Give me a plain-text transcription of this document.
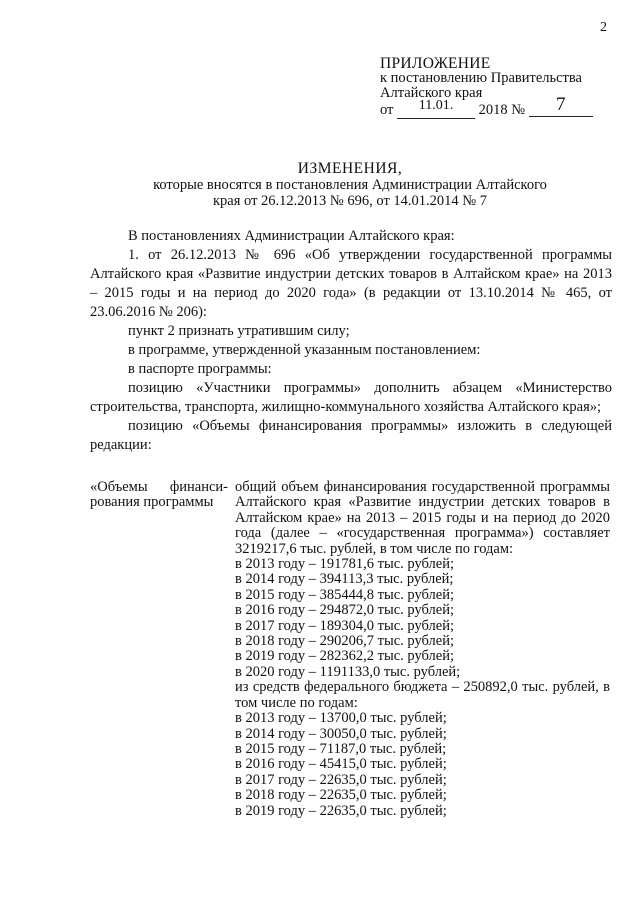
2
ПРИЛОЖЕНИЕ
к постановлению Правительства
Алтайского края
от 11.01. 2018 № 7
ИЗМЕНЕНИЯ,
которые вносятся в постановления Администрации Алтайского
края от 26.12.2013 № 696, от 14.01.2014 № 7

В постановлениях Администрации Алтайского края:

1. от 26.12.2013 № 696 «Об утверждении государственной программы Алтайского края «Развитие индустрии детских товаров в Алтайском крае» на 2013 – 2015 годы и на период до 2020 года» (в редакции от 13.10.2014 № 465, от 23.06.2016 № 206):

пункт 2 признать утратившим силу;

в программе, утвержденной указанным постановлением:

в паспорте программы:

позицию «Участники программы» дополнить абзацем «Министерство строительства, транспорта, жилищно-коммунального хозяйства Алтайского края»;

позицию «Объемы финансирования программы» изложить в следующей редакции:

«Объемы финанси-рования программы
общий объем финансирования государственной программы Алтайского края «Развитие индустрии детских товаров в Алтайском крае» на 2013 – 2015 годы и на период до 2020 года (далее – «государственная программа») составляет 3219217,6 тыс. рублей, в том числе по годам:
в 2013 году – 191781,6 тыс. рублей;
в 2014 году – 394113,3 тыс. рублей;
в 2015 году – 385444,8 тыс. рублей;
в 2016 году – 294872,0 тыс. рублей;
в 2017 году – 189304,0 тыс. рублей;
в 2018 году – 290206,7 тыс. рублей;
в 2019 году – 282362,2 тыс. рублей;
в 2020 году – 1191133,0 тыс. рублей;
из средств федерального бюджета – 250892,0 тыс. рублей, в том числе по годам:
в 2013 году – 13700,0 тыс. рублей;
в 2014 году – 30050,0 тыс. рублей;
в 2015 году – 71187,0 тыс. рублей;
в 2016 году – 45415,0 тыс. рублей;
в 2017 году – 22635,0 тыс. рублей;
в 2018 году – 22635,0 тыс. рублей;
в 2019 году – 22635,0 тыс. рублей;
